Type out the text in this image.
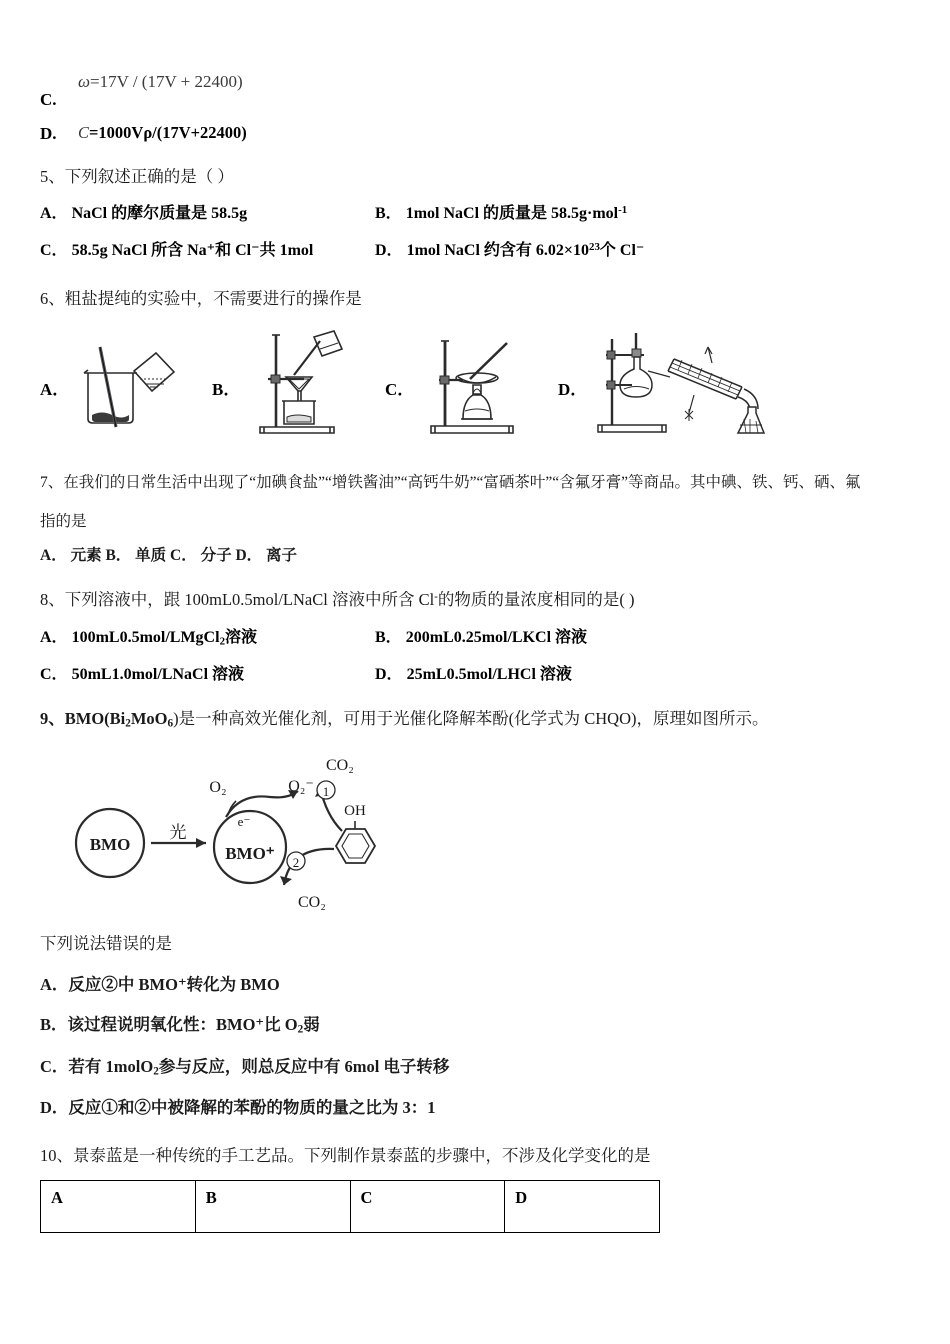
C.
ω=17V / (17V + 22400)
D. C=1000Vρ/(17V+22400)

5、下列叙述正确的是（ ）

A． NaCl 的摩尔质量是 58.5g	B． 1mol NaCl 的质量是 58.5g·mol$^{-1}$
C． 58.5g NaCl 所含 Na⁺和 Cl⁻共 1mol	D． 1mol NaCl 约含有 $6.02\times 10^{23}$个 Cl⁻

6、粗盐提纯的实验中，不需要进行的操作是

A．	B．	C．	D．

7、在我们的日常生活中出现了“加碘食盐”“增铁酱油”“高钙牛奶”“富硒茶叶”“含氟牙膏”等商品。其中碘、铁、钙、硒、氟

指的是

A． 元素 B． 单质 C． 分子 D． 离子

8、下列溶液中，跟 100mL0.5mol/LNaCl 溶液中所含 Cl-的物质的量浓度相同的是( )

A． 100mL0.5mol/LMgCl$_2$溶液	B． 200mL0.25mol/LKCl 溶液
C． 50mL1.0mol/LNaCl 溶液	D． 25mL0.5mol/LHCl 溶液

9、$BMO(Bi_2MoO_6)$是一种高效光催化剂，可用于光催化降解苯酚(化学式为 CHQO)，原理如图所示。

BMO
光
BMO⁺
e⁻
O₂	O₂⁻
CO₂
CO₂
OH
1
2

下列说法错误的是

A．反应②中 BMO⁺转化为 BMO

B．该过程说明氧化性：BMO⁺比 $O_2$弱

C．若有 1molO$_2$参与反应，则总反应中有 6mol 电子转移

D．反应①和②中被降解的苯酚的物质的量之比为 3：1

10、景泰蓝是一种传统的手工艺品。下列制作景泰蓝的步骤中，不涉及化学变化的是

A	B	C	D
